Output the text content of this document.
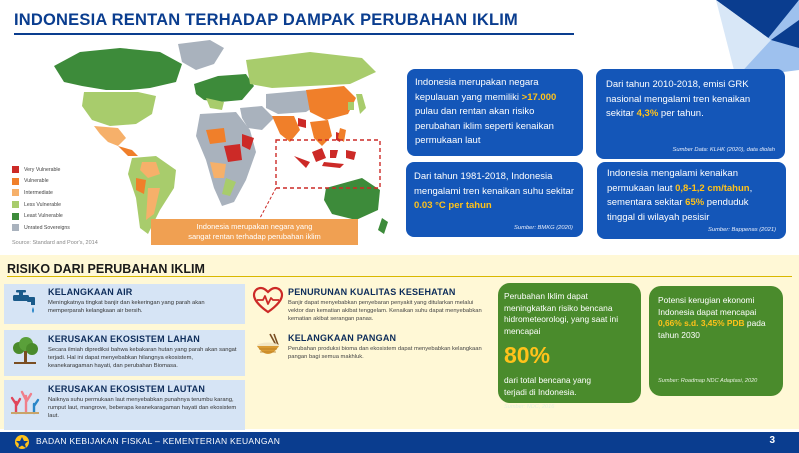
INDONESIA RENTAN TERHADAP DAMPAK PERUBAHAN IKLIM
Very Vulnerable
Vulnerable
Intermediate
Less Vulnerable
Least Vulnerable
Unrated Sovereigns
Source: Standard and Poor's, 2014
Indonesia merupakan negara yang
sangat rentan terhadap perubahan iklim
Indonesia merupakan negara kepulauan yang memiliki >17.000 pulau dan rentan akan risiko perubahan iklim seperti kenaikan permukaan laut
Dari tahun 2010-2018, emisi GRK nasional mengalami tren kenaikan sekitar 4,3% per tahun.
Sumber Data: KLHK (2020), data diolah
Dari tahun 1981-2018, Indonesia mengalami tren kenaikan suhu sekitar 0.03 °C per tahun
Sumber: BMKG (2020)
Indonesia mengalami kenaikan permukaan laut 0,8-1,2 cm/tahun, sementara sekitar 65% penduduk tinggal di wilayah pesisir
Sumber: Bappenas (2021)
RISIKO DARI PERUBAHAN IKLIM
KELANGKAAN AIR
Meningkatnya tingkat banjir dan kekeringan yang parah akan memperparah kelangkaan air bersih.
KERUSAKAN EKOSISTEM LAHAN
Secara ilmiah diprediksi bahwa kebakaran hutan yang parah akan sangat terjadi. Hal ini dapat menyebabkan hilangnya ekosistem, keanekaragaman hayati, dan perubahan Biomasa.
KERUSAKAN EKOSISTEM LAUTAN
Naiknya suhu permukaan laut menyebabkan punahnya terumbu karang, rumput laut, mangrove, beberapa keanekaragaman hayati dan ekosistem laut.
PENURUNAN KUALITAS KESEHATAN
Banjir dapat menyebabkan penyebaran penyakit yang ditularkan melalui vektor dan kematian akibat tenggelam. Kenaikan suhu dapat menyebabkan kematian akibat serangan panas.
KELANGKAAN PANGAN
Perubahan produksi bioma dan ekosistem dapat menyebabkan kelangkaan pangan bagi semua makhluk.
Perubahan Iklim dapat meningkatkan risiko bencana hidrometeorologi, yang saat ini mencapai
80%dari total bencana yang terjadi di Indonesia.
Sumber: NDC, 2016
Potensi kerugian ekonomi Indonesia dapat mencapai 0,66% s.d. 3,45% PDB pada tahun 2030
Sumber: Roadmap NDC Adaptasi, 2020
BADAN KEBIJAKAN FISKAL – KEMENTERIAN KEUANGAN	3
